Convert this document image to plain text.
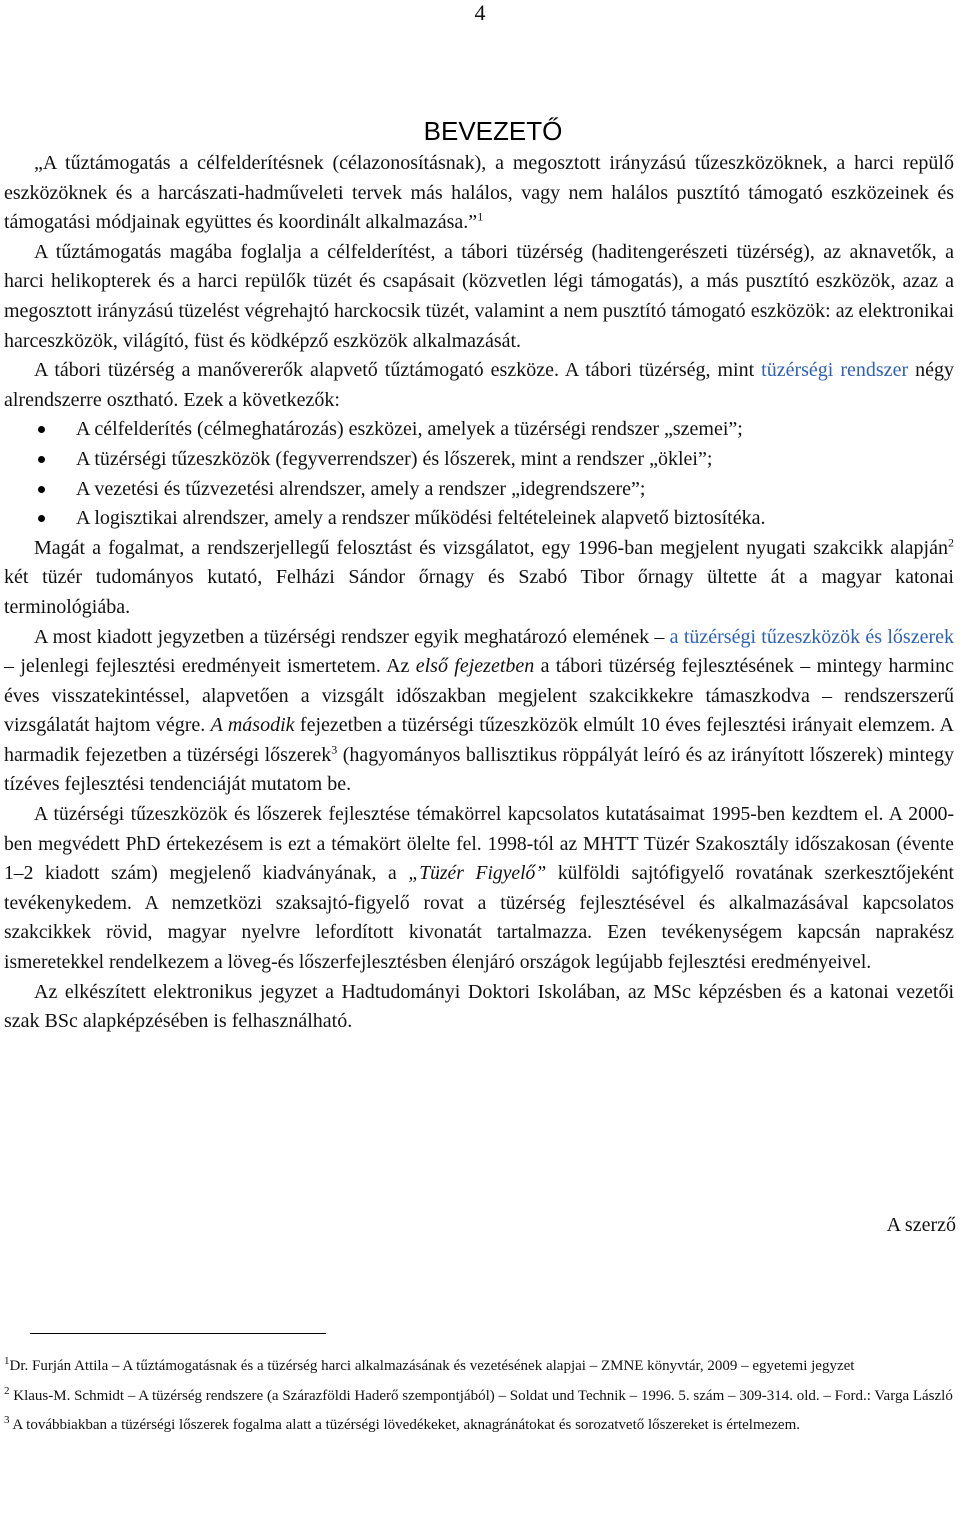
4
BEVEZETŐ

„A tűztámogatás a célfelderítésnek (célazonosításnak), a megosztott irányzású tűzeszközöknek, a harci repülő eszközöknek és a harcászati-hadműveleti tervek más halálos, vagy nem halálos pusztító támogató eszközeinek és támogatási módjainak együttes és koordinált alkalmazása.”$^1$

A tűztámogatás magába foglalja a célfelderítést, a tábori tüzérség (haditengerészeti tüzérség), az aknavetők, a harci helikopterek és a harci repülők tüzét és csapásait (közvetlen légi támogatás), a más pusztító eszközök, azaz a megosztott irányzású tüzelést végrehajtó harckocsik tüzét, valamint a nem pusztító támogató eszközök: az elektronikai harceszközök, világító, füst és ködképző eszközök alkalmazását.

A tábori tüzérség a manővererők alapvető tűztámogató eszköze. A tábori tüzérség, mint tüzérségi rendszer négy alrendszerre osztható. Ezek a következők:

A célfelderítés (célmeghatározás) eszközei, amelyek a tüzérségi rendszer „szemei”;
A tüzérségi tűzeszközök (fegyverrendszer) és lőszerek, mint a rendszer „öklei”;
A vezetési és tűzvezetési alrendszer, amely a rendszer „idegrendszere”;
A logisztikai alrendszer, amely a rendszer működési feltételeinek alapvető biztosítéka.

Magát a fogalmat, a rendszerjellegű felosztást és vizsgálatot, egy 1996-ban megjelent nyugati szakcikk alapján$^2$ két tüzér tudományos kutató, Felházi Sándor őrnagy és Szabó Tibor őrnagy ültette át a magyar katonai terminológiába.

A most kiadott jegyzetben a tüzérségi rendszer egyik meghatározó elemének – a tüzérségi tűzeszközök és lőszerek – jelenlegi fejlesztési eredményeit ismertetem. Az első fejezetben a tábori tüzérség fejlesztésének – mintegy harminc éves visszatekintéssel, alapvetően a vizsgált időszakban megjelent szakcikkekre támaszkodva – rendszerszerű vizsgálatát hajtom végre. A második fejezetben a tüzérségi tűzeszközök elmúlt 10 éves fejlesztési irányait elemzem. A harmadik fejezetben a tüzérségi lőszerek$^3$ (hagyományos ballisztikus röppályát leíró és az irányított lőszerek) mintegy tízéves fejlesztési tendenciáját mutatom be.

A tüzérségi tűzeszközök és lőszerek fejlesztése témakörrel kapcsolatos kutatásaimat 1995-ben kezdtem el. A 2000-ben megvédett PhD értekezésem is ezt a témakört ölelte fel. 1998-tól az MHTT Tüzér Szakosztály időszakosan (évente 1–2 kiadott szám) megjelenő kiadványának, a „Tüzér Figyelő” külföldi sajtófigyelő rovatának szerkesztőjeként tevékenykedem. A nemzetközi szaksajtó-figyelő rovat a tüzérség fejlesztésével és alkalmazásával kapcsolatos szakcikkek rövid, magyar nyelvre lefordított kivonatát tartalmazza. Ezen tevékenységem kapcsán naprakész ismeretekkel rendelkezem a löveg-és lőszerfejlesztésben élenjáró országok legújabb fejlesztési eredményeivel.

Az elkészített elektronikus jegyzet a Hadtudományi Doktori Iskolában, az MSc képzésben és a katonai vezetői szak BSc alapképzésében is felhasználható.

A szerző

$^1$Dr. Furján Attila – A tűztámogatásnak és a tüzérség harci alkalmazásának és vezetésének alapjai – ZMNE könyvtár, 2009 – egyetemi jegyzet

$^2$ Klaus-M. Schmidt – A tüzérség rendszere (a Szárazföldi Haderő szempontjából) – Soldat und Technik – 1996. 5. szám – 309-314. old. – Ford.: Varga László

$^3$ A továbbiakban a tüzérségi lőszerek fogalma alatt a tüzérségi lövedékeket, aknagránátokat és sorozatvető lőszereket is értelmezem.
